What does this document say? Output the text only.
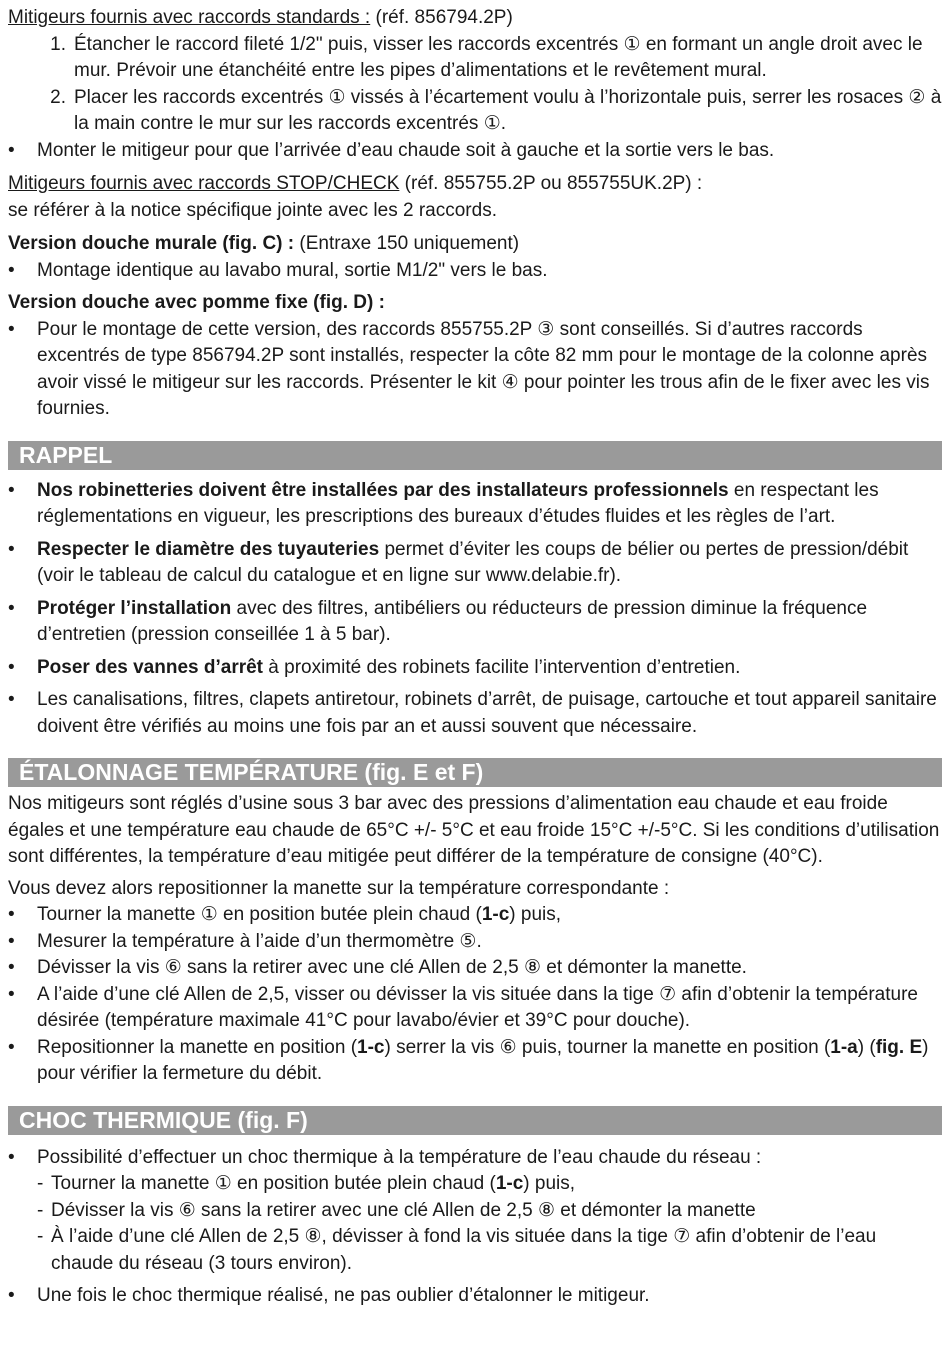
Mitigeurs fournis avec raccords standards : (réf. 856794.2P)

1. Étancher le raccord fileté 1/2" puis, visser les raccords excentrés ① en formant un angle droit avec le mur. Prévoir une étanchéité entre les pipes d’alimentations et le revêtement mural.
2. Placer les raccords excentrés ① vissés à l’écartement voulu à l’horizontale puis, serrer les rosaces ② à la main contre le mur sur les raccords excentrés ①.
•	Monter le mitigeur pour que l’arrivée d’eau chaude soit à gauche et la sortie vers le bas.

Mitigeurs fournis avec raccords STOP/CHECK (réf. 855755.2P ou 855755UK.2P) :

se référer à la notice spécifique jointe avec les 2 raccords.

Version douche murale (fig. C) : (Entraxe 150 uniquement)

•	Montage identique au lavabo mural, sortie M1/2" vers le bas.

Version douche avec pomme fixe (fig. D) :

•	Pour le montage de cette version, des raccords 855755.2P ③ sont conseillés. Si d’autres raccords excentrés de type 856794.2P sont installés, respecter la côte 82 mm pour le montage de la colonne après avoir vissé le mitigeur sur les raccords. Présenter le kit ④ pour pointer les trous afin de le fixer avec les vis fournies.
RAPPEL
•	Nos robinetteries doivent être installées par des installateurs professionnels en respectant les réglementations en vigueur, les prescriptions des bureaux d’études fluides et les règles de l’art.
•	Respecter le diamètre des tuyauteries permet d’éviter les coups de bélier ou pertes de pression/débit (voir le tableau de calcul du catalogue et en ligne sur www.delabie.fr).
•	Protéger l’installation avec des filtres, antibéliers ou réducteurs de pression diminue la fréquence d’entretien (pression conseillée 1 à 5 bar).
•	Poser des vannes d’arrêt à proximité des robinets facilite l’intervention d’entretien.
•	Les canalisations, filtres, clapets antiretour, robinets d’arrêt, de puisage, cartouche et tout appareil sanitaire doivent être vérifiés au moins une fois par an et aussi souvent que nécessaire.
ÉTALONNAGE TEMPÉRATURE (fig. E et F)

Nos mitigeurs sont réglés d’usine sous 3 bar avec des pressions d’alimentation eau chaude et eau froide égales et une température eau chaude de 65°C +/- 5°C et eau froide 15°C +/-5°C. Si les conditions d’utilisation sont différentes, la température d’eau mitigée peut différer de la température de consigne (40°C).

Vous devez alors repositionner la manette sur la température correspondante :

•	Tourner la manette ① en position butée plein chaud (1-c) puis,
•	Mesurer la température à l’aide d’un thermomètre ⑤.
•	Dévisser la vis ⑥ sans la retirer avec une clé Allen de 2,5 ⑧ et démonter la manette.
•	A l’aide d’une clé Allen de 2,5, visser ou dévisser la vis située dans la tige ⑦ afin d’obtenir la température désirée (température maximale 41°C pour lavabo/évier et 39°C pour douche).
•	Repositionner la manette en position (1-c) serrer la vis ⑥ puis, tourner la manette en position (1-a) (fig. E) pour vérifier la fermeture du débit.
CHOC THERMIQUE (fig. F)
•	Possibilité d’effectuer un choc thermique à la température de l’eau chaude du réseau :
- Tourner la manette ① en position butée plein chaud (1-c) puis,
- Dévisser la vis ⑥ sans la retirer avec une clé Allen de 2,5 ⑧ et démonter la manette
- À l’aide d’une clé Allen de 2,5 ⑧, dévisser à fond la vis située dans la tige ⑦ afin d’obtenir de l’eau chaude du réseau (3 tours environ).
•	Une fois le choc thermique réalisé, ne pas oublier d’étalonner le mitigeur.
